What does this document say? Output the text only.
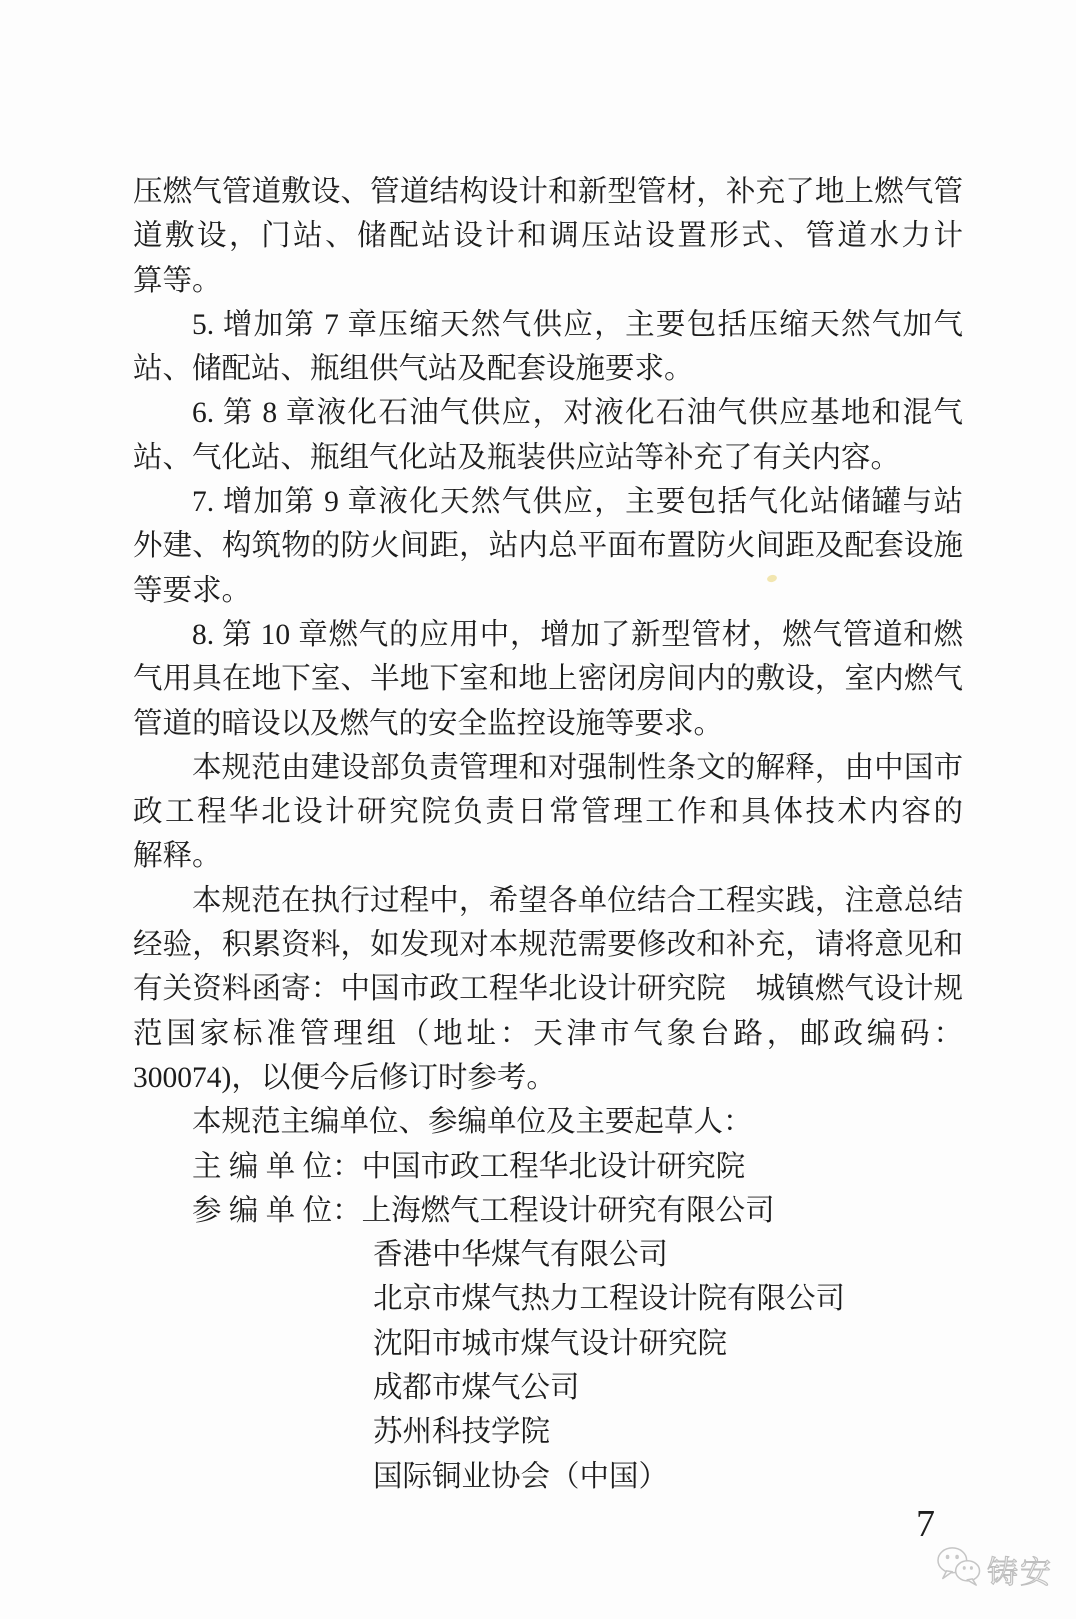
压燃气管道敷设、管道结构设计和新型管材，补充了地上燃气管
道敷设，门站、储配站设计和调压站设置形式、管道水力计
算等。
5. 增加第 7 章压缩天然气供应，主要包括压缩天然气加气
站、储配站、瓶组供气站及配套设施要求。
6. 第 8 章液化石油气供应，对液化石油气供应基地和混气
站、气化站、瓶组气化站及瓶装供应站等补充了有关内容。
7. 增加第 9 章液化天然气供应，主要包括气化站储罐与站
外建、构筑物的防火间距，站内总平面布置防火间距及配套设施
等要求。
8. 第 10 章燃气的应用中，增加了新型管材，燃气管道和燃
气用具在地下室、半地下室和地上密闭房间内的敷设，室内燃气
管道的暗设以及燃气的安全监控设施等要求。
本规范由建设部负责管理和对强制性条文的解释，由中国市
政工程华北设计研究院负责日常管理工作和具体技术内容的
解释。
本规范在执行过程中，希望各单位结合工程实践，注意总结
经验，积累资料，如发现对本规范需要修改和补充，请将意见和
有关资料函寄：中国市政工程华北设计研究院　城镇燃气设计规
范国家标准管理组（地址：天津市气象台路，邮政编码：
300074)，以便今后修订时参考。
本规范主编单位、参编单位及主要起草人：
主 编 单 位：中国市政工程华北设计研究院
参 编 单 位：上海燃气工程设计研究有限公司
香港中华煤气有限公司
北京市煤气热力工程设计院有限公司
沈阳市城市煤气设计研究院
成都市煤气公司
苏州科技学院
国际铜业协会（中国）
7
铸安
